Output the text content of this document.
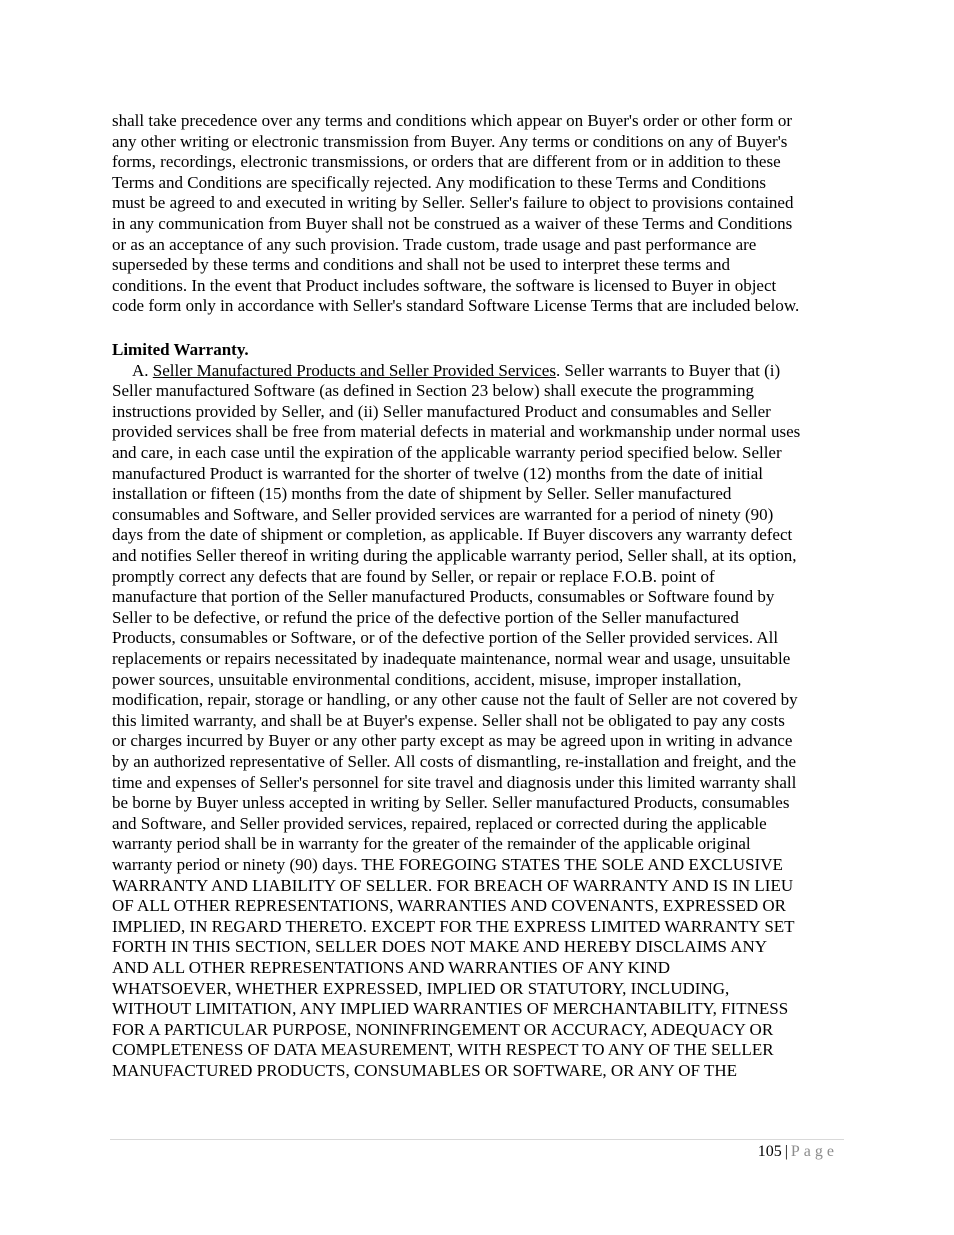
shall take precedence over any terms and conditions which appear on Buyer's order or other form or
any other writing or electronic transmission from Buyer. Any terms or conditions on any of Buyer's
forms, recordings, electronic transmissions, or orders that are different from or in addition to these
Terms and Conditions are specifically rejected. Any modification to these Terms and Conditions
must be agreed to and executed in writing by Seller. Seller's failure to object to provisions contained
in any communication from Buyer shall not be construed as a waiver of these Terms and Conditions
or as an acceptance of any such provision. Trade custom, trade usage and past performance are
superseded by these terms and conditions and shall not be used to interpret these terms and
conditions. In the event that Product includes software, the software is licensed to Buyer in object
code form only in accordance with Seller's standard Software License Terms that are included below.
Limited Warranty.
A. Seller Manufactured Products and Seller Provided Services. Seller warrants to Buyer that (i)
Seller manufactured Software (as defined in Section 23 below) shall execute the programming
instructions provided by Seller, and (ii) Seller manufactured Product and consumables and Seller
provided services shall be free from material defects in material and workmanship under normal uses
and care, in each case until the expiration of the applicable warranty period specified below. Seller
manufactured Product is warranted for the shorter of twelve (12) months from the date of initial
installation or fifteen (15) months from the date of shipment by Seller. Seller manufactured
consumables and Software, and Seller provided services are warranted for a period of ninety (90)
days from the date of shipment or completion, as applicable. If Buyer discovers any warranty defect
and notifies Seller thereof in writing during the applicable warranty period, Seller shall, at its option,
promptly correct any defects that are found by Seller, or repair or replace F.O.B. point of
manufacture that portion of the Seller manufactured Products, consumables or Software found by
Seller to be defective, or refund the price of the defective portion of the Seller manufactured
Products, consumables or Software, or of the defective portion of the Seller provided services. All
replacements or repairs necessitated by inadequate maintenance, normal wear and usage, unsuitable
power sources, unsuitable environmental conditions, accident, misuse, improper installation,
modification, repair, storage or handling, or any other cause not the fault of Seller are not covered by
this limited warranty, and shall be at Buyer's expense. Seller shall not be obligated to pay any costs
or charges incurred by Buyer or any other party except as may be agreed upon in writing in advance
by an authorized representative of Seller. All costs of dismantling, re-installation and freight, and the
time and expenses of Seller's personnel for site travel and diagnosis under this limited warranty shall
be borne by Buyer unless accepted in writing by Seller. Seller manufactured Products, consumables
and Software, and Seller provided services, repaired, replaced or corrected during the applicable
warranty period shall be in warranty for the greater of the remainder of the applicable original
warranty period or ninety (90) days. THE FOREGOING STATES THE SOLE AND EXCLUSIVE
WARRANTY AND LIABILITY OF SELLER. FOR BREACH OF WARRANTY AND IS IN LIEU
OF ALL OTHER REPRESENTATIONS, WARRANTIES AND COVENANTS, EXPRESSED OR
IMPLIED, IN REGARD THERETO. EXCEPT FOR THE EXPRESS LIMITED WARRANTY SET
FORTH IN THIS SECTION, SELLER DOES NOT MAKE AND HEREBY DISCLAIMS ANY
AND ALL OTHER REPRESENTATIONS AND WARRANTIES OF ANY KIND
WHATSOEVER, WHETHER EXPRESSED, IMPLIED OR STATUTORY, INCLUDING,
WITHOUT LIMITATION, ANY IMPLIED WARRANTIES OF MERCHANTABILITY, FITNESS
FOR A PARTICULAR PURPOSE, NONINFRINGEMENT OR ACCURACY, ADEQUACY OR
COMPLETENESS OF DATA MEASUREMENT, WITH RESPECT TO ANY OF THE SELLER
MANUFACTURED PRODUCTS, CONSUMABLES OR SOFTWARE, OR ANY OF THE
105 | Page
